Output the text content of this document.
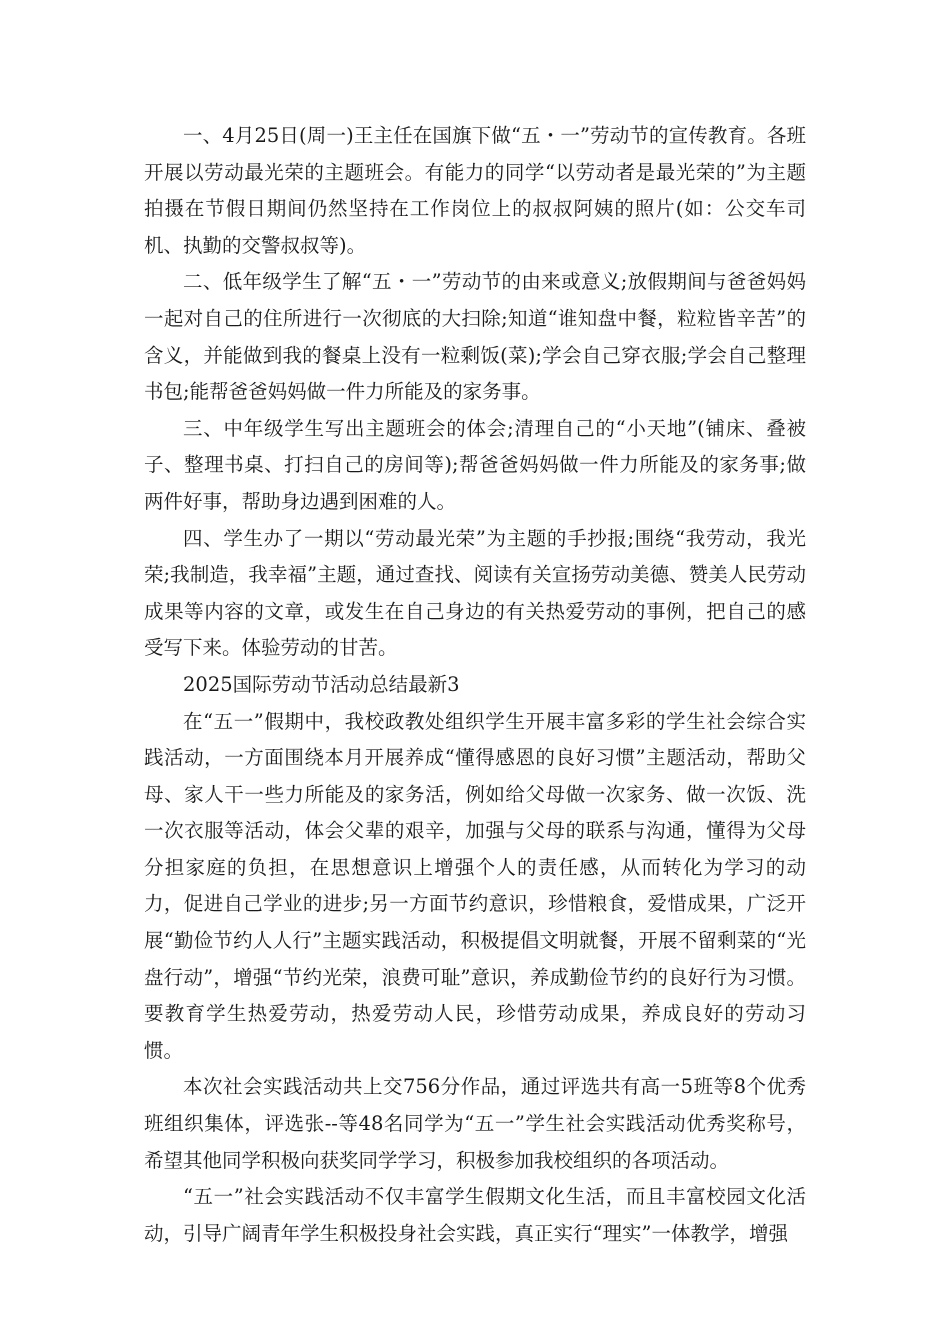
一、4月25日(周一)王主任在国旗下做“五・一”劳动节的宣传教育。各班开展以劳动最光荣的主题班会。有能力的同学“以劳动者是最光荣的”为主题拍摄在节假日期间仍然坚持在工作岗位上的叔叔阿姨的照片(如：公交车司机、执勤的交警叔叔等)。

二、低年级学生了解“五・一”劳动节的由来或意义;放假期间与爸爸妈妈一起对自己的住所进行一次彻底的大扫除;知道“谁知盘中餐，粒粒皆辛苦”的含义，并能做到我的餐桌上没有一粒剩饭(菜);学会自己穿衣服;学会自己整理书包;能帮爸爸妈妈做一件力所能及的家务事。

三、中年级学生写出主题班会的体会;清理自己的“小天地”(铺床、叠被子、整理书桌、打扫自己的房间等);帮爸爸妈妈做一件力所能及的家务事;做两件好事，帮助身边遇到困难的人。

四、学生办了一期以“劳动最光荣”为主题的手抄报;围绕“我劳动，我光荣;我制造，我幸福”主题，通过查找、阅读有关宣扬劳动美德、赞美人民劳动成果等内容的文章，或发生在自己身边的有关热爱劳动的事例，把自己的感受写下来。体验劳动的甘苦。

2025国际劳动节活动总结最新3

在“五一”假期中，我校政教处组织学生开展丰富多彩的学生社会综合实践活动，一方面围绕本月开展养成“懂得感恩的良好习惯”主题活动，帮助父母、家人干一些力所能及的家务活，例如给父母做一次家务、做一次饭、洗一次衣服等活动，体会父辈的艰辛，加强与父母的联系与沟通，懂得为父母分担家庭的负担，在思想意识上增强个人的责任感，从而转化为学习的动力，促进自己学业的进步;另一方面节约意识，珍惜粮食，爱惜成果，广泛开展“勤俭节约人人行”主题实践活动，积极提倡文明就餐，开展不留剩菜的“光盘行动”，增强“节约光荣，浪费可耻”意识，养成勤俭节约的良好行为习惯。要教育学生热爱劳动，热爱劳动人民，珍惜劳动成果，养成良好的劳动习惯。

本次社会实践活动共上交756分作品，通过评选共有高一5班等8个优秀班组织集体，评选张--等48名同学为“五一”学生社会实践活动优秀奖称号，希望其他同学积极向获奖同学学习，积极参加我校组织的各项活动。

“五一”社会实践活动不仅丰富学生假期文化生活，而且丰富校园文化活动，引导广阔青年学生积极投身社会实践，真正实行“理实”一体教学，增强
